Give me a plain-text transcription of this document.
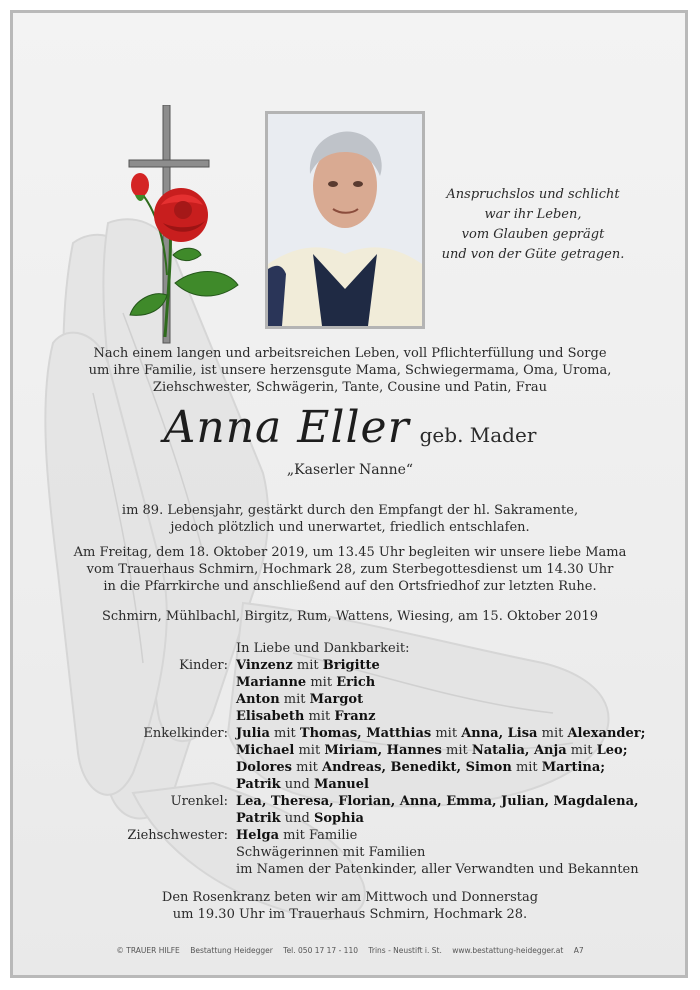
Anspruchslos und schlicht
war ihr Leben,
vom Glauben geprägt
und von der Güte getragen.
Nach einem langen und arbeitsreichen Leben, voll Pflichterfüllung und Sorge
um ihre Familie, ist unsere herzensgute Mama, Schwiegermama, Oma, Uroma,
Ziehschwester, Schwägerin, Tante, Cousine und Patin, Frau
Anna Eller geb. Mader
„Kaserler Nanne“
im 89. Lebensjahr, gestärkt durch den Empfangt der hl. Sakramente,
jedoch plötzlich und unerwartet, friedlich entschlafen.
Am Freitag, dem 18. Oktober 2019, um 13.45 Uhr begleiten wir unsere liebe Mama
vom Trauerhaus Schmirn, Hochmark 28, zum Sterbegottesdienst um 14.30 Uhr
in die Pfarrkirche und anschließend auf den Ortsfriedhof zur letzten Ruhe.
Schmirn, Mühlbachl, Birgitz, Rum, Wattens, Wiesing, am 15. Oktober 2019
In Liebe und Dankbarkeit:
Kinder: Vinzenz mit Brigitte
Marianne mit Erich
Anton mit Margot
Elisabeth mit Franz
Enkelkinder: Julia mit Thomas, Matthias mit Anna, Lisa mit Alexander;
Michael mit Miriam, Hannes mit Natalia, Anja mit Leo;
Dolores mit Andreas, Benedikt, Simon mit Martina;
Patrik und Manuel
Urenkel: Lea, Theresa, Florian, Anna, Emma, Julian, Magdalena,
Patrik und Sophia
Ziehschwester: Helga mit Familie
Schwägerinnen mit Familien
im Namen der Patenkinder, aller Verwandten und Bekannten
Den Rosenkranz beten wir am Mittwoch und Donnerstag
um 19.30 Uhr im Trauerhaus Schmirn, Hochmark 28.
© TRAUER HILFE Bestattung Heidegger Tel. 050 17 17 - 110 Trins - Neustift i. St. www.bestattung-heidegger.at A7
